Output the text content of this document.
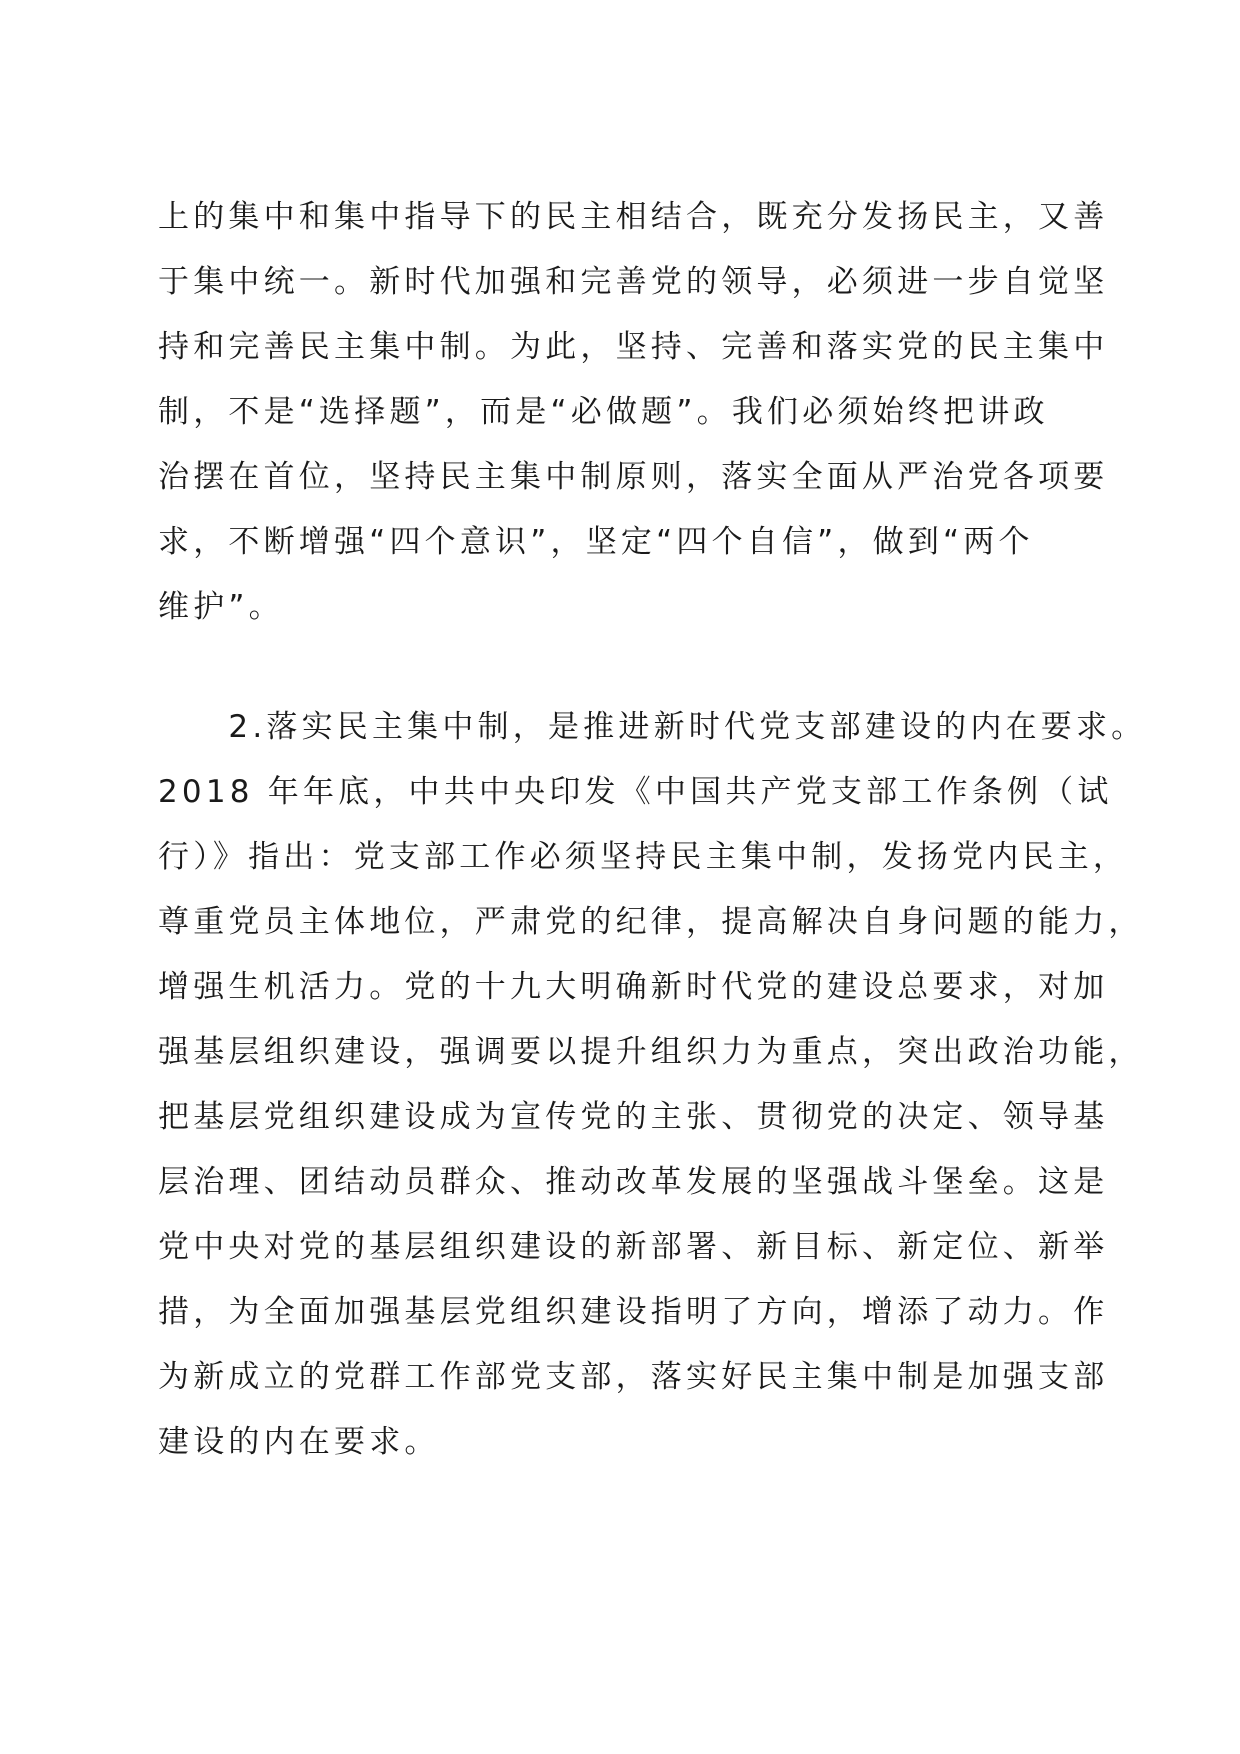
上的集中和集中指导下的民主相结合，既充分发扬民主，又善
于集中统一。新时代加强和完善党的领导，必须进一步自觉坚
持和完善民主集中制。为此，坚持、完善和落实党的民主集中
制，不是“选择题”，而是“必做题”。我们必须始终把讲政
治摆在首位，坚持民主集中制原则，落实全面从严治党各项要
求，不断增强“四个意识”，坚定“四个自信”，做到“两个
维护”。
　　2.落实民主集中制，是推进新时代党支部建设的内在要求。
2018 年年底，中共中央印发《中国共产党支部工作条例（试
行）》指出：党支部工作必须坚持民主集中制，发扬党内民主，
尊重党员主体地位，严肃党的纪律，提高解决自身问题的能力，
增强生机活力。党的十九大明确新时代党的建设总要求，对加
强基层组织建设，强调要以提升组织力为重点，突出政治功能，
把基层党组织建设成为宣传党的主张、贯彻党的决定、领导基
层治理、团结动员群众、推动改革发展的坚强战斗堡垒。这是
党中央对党的基层组织建设的新部署、新目标、新定位、新举
措，为全面加强基层党组织建设指明了方向，增添了动力。作
为新成立的党群工作部党支部，落实好民主集中制是加强支部
建设的内在要求。
